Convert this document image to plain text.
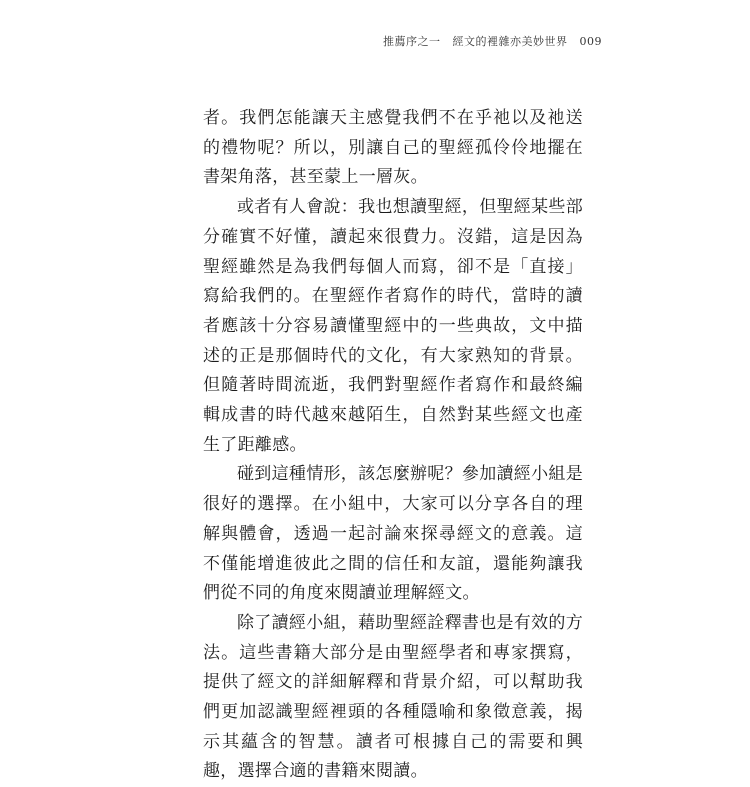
推薦序之一 經文的裡雜亦美妙世界 009

者。我們怎能讓天主感覺我們不在乎祂以及祂送的禮物呢？所以，別讓自己的聖經孤伶伶地擺在書架角落，甚至蒙上一層灰。

或者有人會說：我也想讀聖經，但聖經某些部分確實不好懂，讀起來很費力。沒錯，這是因為聖經雖然是為我們每個人而寫，卻不是「直接」寫給我們的。在聖經作者寫作的時代，當時的讀者應該十分容易讀懂聖經中的一些典故，文中描述的正是那個時代的文化，有大家熟知的背景。但隨著時間流逝，我們對聖經作者寫作和最終編輯成書的時代越來越陌生，自然對某些經文也產生了距離感。

碰到這種情形，該怎麼辦呢？參加讀經小組是很好的選擇。在小組中，大家可以分享各自的理解與體會，透過一起討論來探尋經文的意義。這不僅能增進彼此之間的信任和友誼，還能夠讓我們從不同的角度來閱讀並理解經文。

除了讀經小組，藉助聖經詮釋書也是有效的方法。這些書籍大部分是由聖經學者和專家撰寫，提供了經文的詳細解釋和背景介紹，可以幫助我們更加認識聖經裡頭的各種隱喻和象徵意義，揭示其蘊含的智慧。讀者可根據自己的需要和興趣，選擇合適的書籍來閱讀。
